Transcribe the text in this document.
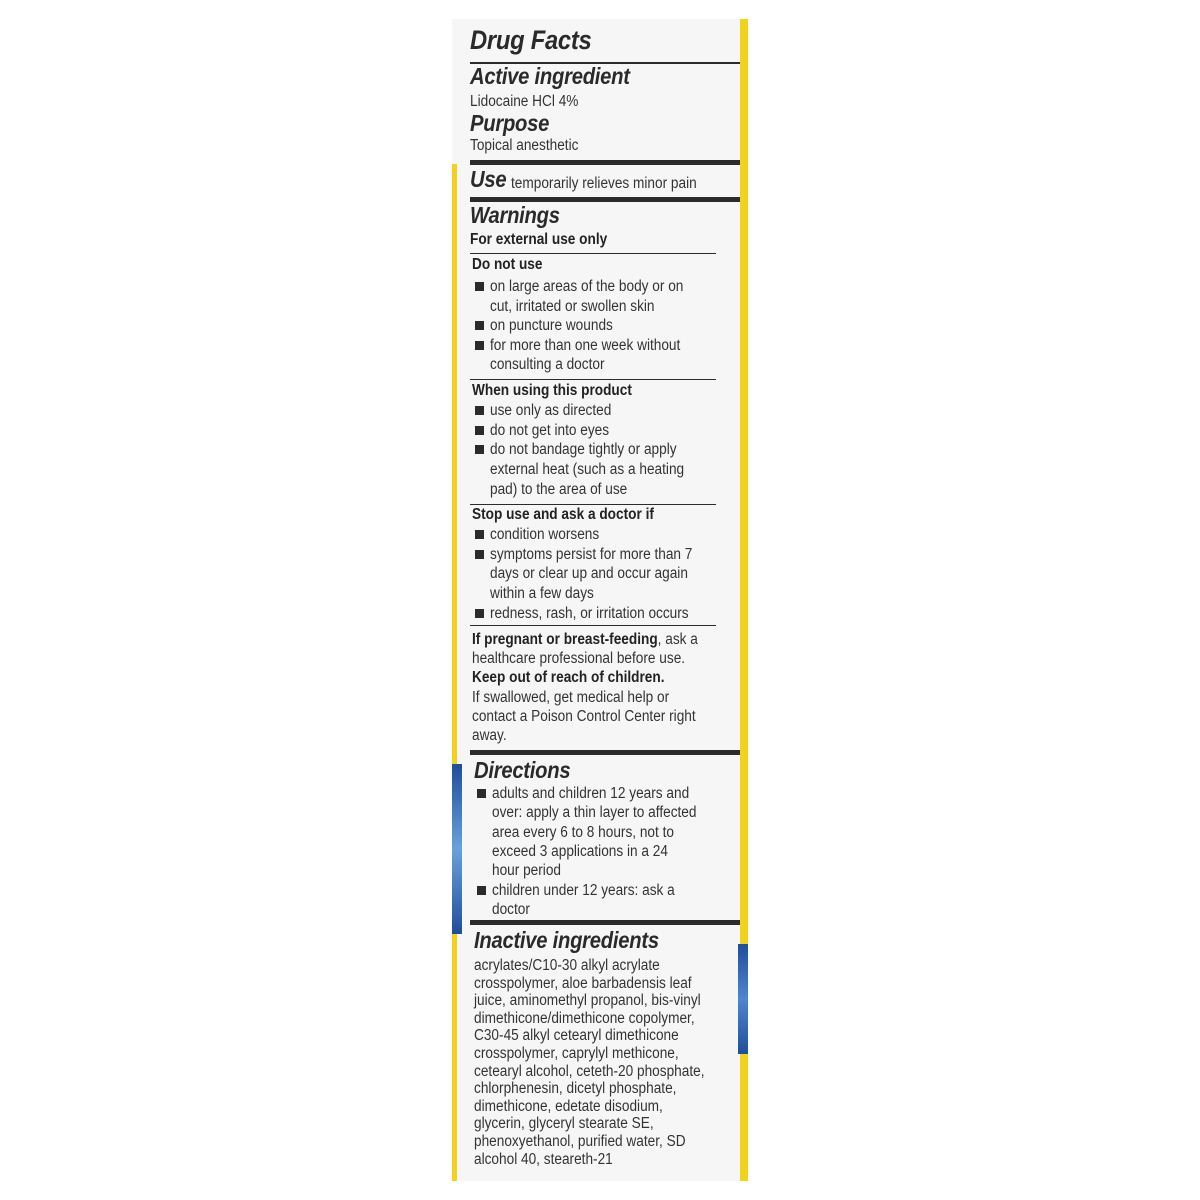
Drug Facts
Active ingredient
Lidocaine HCl 4%
Purpose
Topical anesthetic
Use temporarily relieves minor pain
Warnings
For external use only
Do not use
on large areas of the body or on
cut, irritated or swollen skin
on puncture wounds
for more than one week without
consulting a doctor
When using this product
use only as directed
do not get into eyes
do not bandage tightly or apply
external heat (such as a heating
pad) to the area of use
Stop use and ask a doctor if
condition worsens
symptoms persist for more than 7
days or clear up and occur again
within a few days
redness, rash, or irritation occurs
If pregnant or breast-feeding, ask a
healthcare professional before use.
Keep out of reach of children.
If swallowed, get medical help or
contact a Poison Control Center right
away.
Directions
adults and children 12 years and
over: apply a thin layer to affected
area every 6 to 8 hours, not to
exceed 3 applications in a 24
hour period
children under 12 years: ask a
doctor
Inactive ingredients
acrylates/C10-30 alkyl acrylate
crosspolymer, aloe barbadensis leaf
juice, aminomethyl propanol, bis-vinyl
dimethicone/dimethicone copolymer,
C30-45 alkyl cetearyl dimethicone
crosspolymer, caprylyl methicone,
cetearyl alcohol, ceteth-20 phosphate,
chlorphenesin, dicetyl phosphate,
dimethicone, edetate disodium,
glycerin, glyceryl stearate SE,
phenoxyethanol, purified water, SD
alcohol 40, steareth-21
